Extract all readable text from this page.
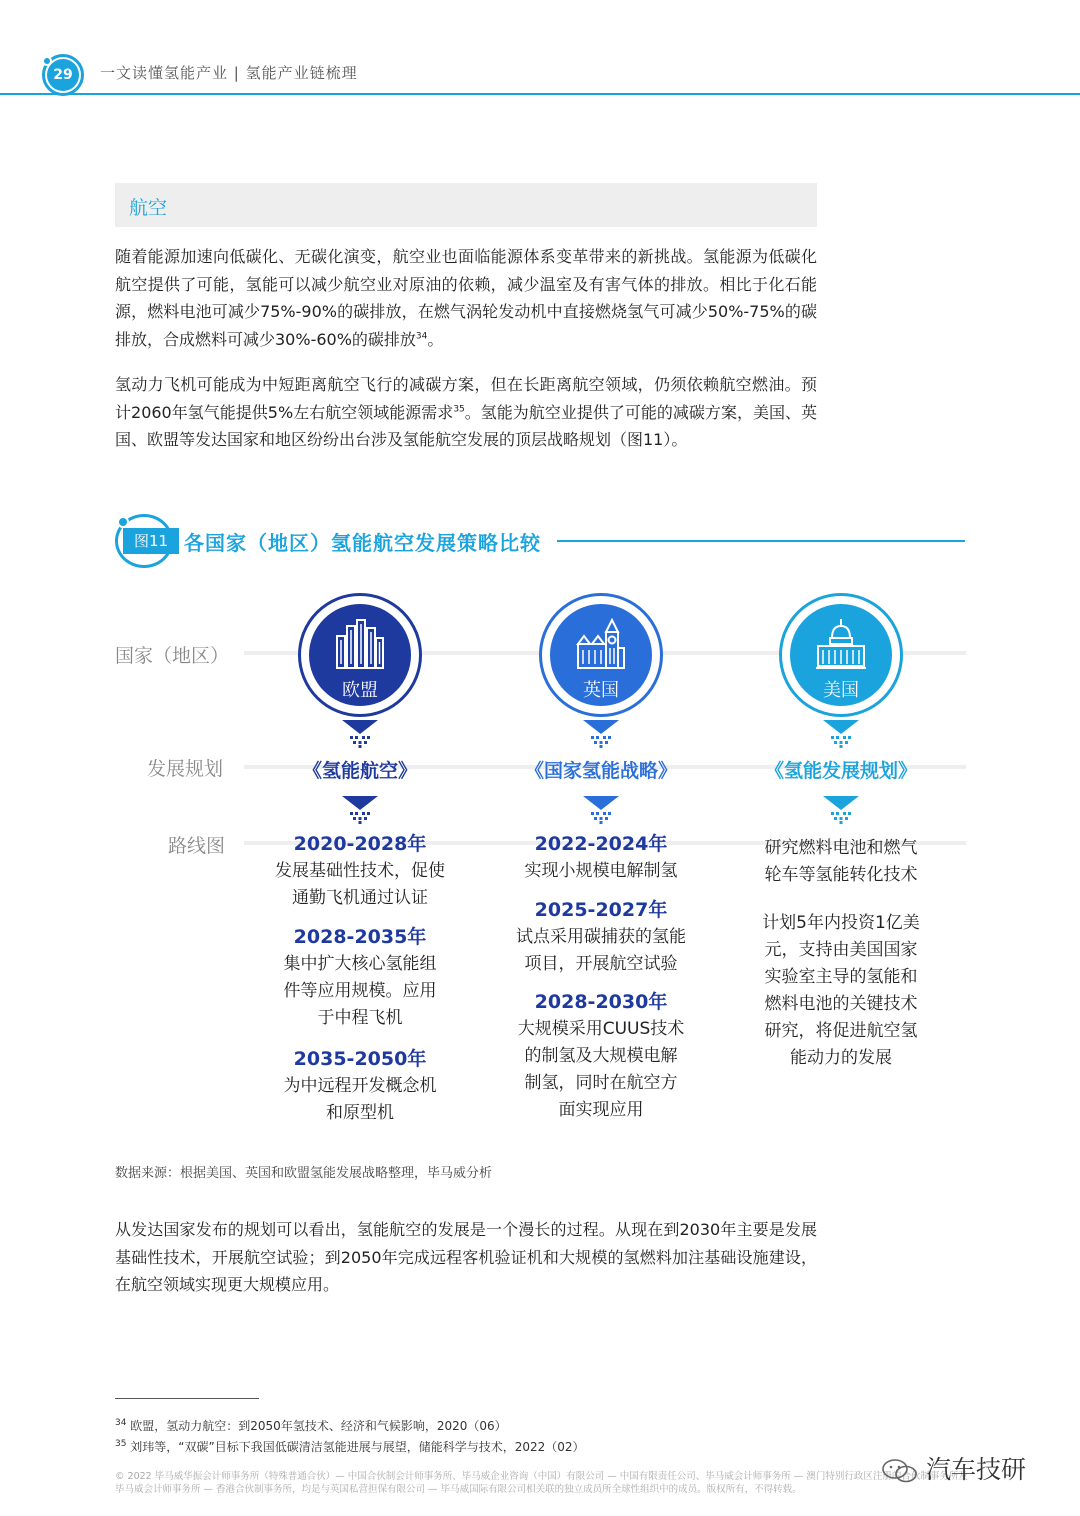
29	一文读懂氢能产业 | 氢能产业链梳理
航空
随着能源加速向低碳化、无碳化演变，航空业也面临能源体系变革带来的新挑战。氢能源为低碳化航空提供了可能，氢能可以减少航空业对原油的依赖，减少温室及有害气体的排放。相比于化石能源，燃料电池可减少75%-90%的碳排放，在燃气涡轮发动机中直接燃烧氢气可减少50%-75%的碳排放，合成燃料可减少30%-60%的碳排放$^{34}$。
氢动力飞机可能成为中短距离航空飞行的减碳方案，但在长距离航空领域，仍须依赖航空燃油。预计2060年氢气能提供5%左右航空领域能源需求$^{35}$。氢能为航空业提供了可能的减碳方案，美国、英国、欧盟等发达国家和地区纷纷出台涉及氢能航空发展的顶层战略规划（图11）。
图11 各国家（地区）氢能航空发展策略比较
国家（地区）
发展规划
路线图
欧盟
《氢能航空》
2020-2028年
发展基础性技术，促使
通勤飞机通过认证
2028-2035年
集中扩大核心氢能组
件等应用规模。应用
于中程飞机
2035-2050年
为中远程开发概念机
和原型机
英国
《国家氢能战略》
2022-2024年
实现小规模电解制氢
2025-2027年
试点采用碳捕获的氢能
项目，开展航空试验
2028-2030年
大规模采用CUUS技术
的制氢及大规模电解
制氢，同时在航空方
面实现应用
美国
《氢能发展规划》
研究燃料电池和燃气
轮车等氢能转化技术
计划5年内投资1亿美
元，支持由美国国家
实验室主导的氢能和
燃料电池的关键技术
研究，将促进航空氢
能动力的发展
数据来源：根据美国、英国和欧盟氢能发展战略整理，毕马威分析
从发达国家发布的规划可以看出，氢能航空的发展是一个漫长的过程。从现在到2030年主要是发展基础性技术，开展航空试验；到2050年完成远程客机验证机和大规模的氢燃料加注基础设施建设，在航空领域实现更大规模应用。
$^{34}$ 欧盟，氢动力航空：到2050年氢技术、经济和气候影响，2020（06）
$^{35}$ 刘玮等，“双碳”目标下我国低碳清洁氢能进展与展望，储能科学与技术，2022（02）
© 2022 毕马威华振会计师事务所（特殊普通合伙）— 中国合伙制会计师事务所、毕马威企业咨询（中国）有限公司 — 中国有限责任公司、毕马威会计师事务所 — 澳门特别行政区注册的合伙制事务所及毕马威会计师事务所 — 香港合伙制事务所，均是与英国私营担保有限公司 — 毕马威国际有限公司相关联的独立成员所全球性组织中的成员。版权所有，不得转载。
汽车技研
